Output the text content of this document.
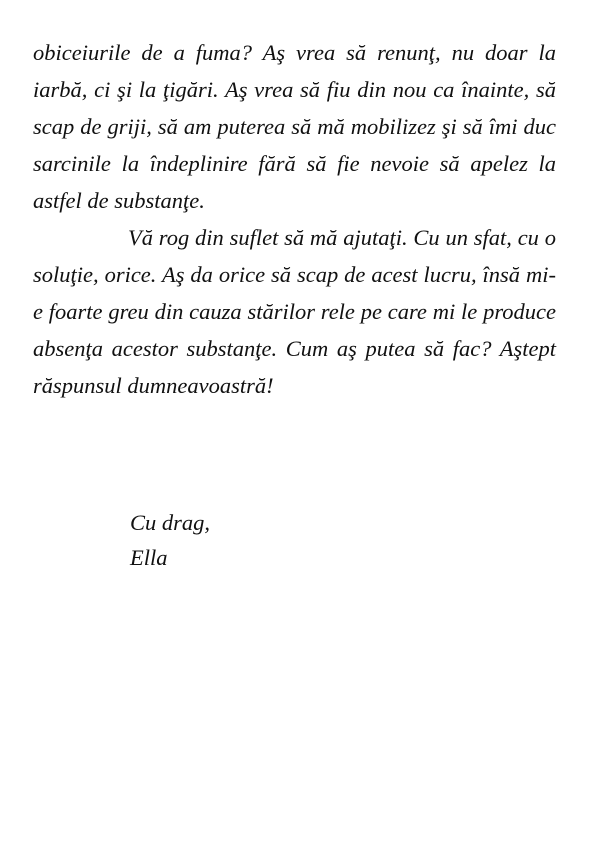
obiceiurile de a fuma? Aş vrea să renunţ, nu doar la iarbă, ci şi la ţigări. Aş vrea să fiu din nou ca înainte, să scap de griji, să am puterea să mă mobilizez şi să îmi duc sarcinile la îndeplinire fără să fie nevoie să apelez la astfel de substanţe.

Vă rog din suflet să mă ajutaţi. Cu un sfat, cu o soluţie, orice. Aş da orice să scap de acest lucru, însă mi-e foarte greu din cauza stărilor rele pe care mi le produce absenţa acestor substanţe. Cum aş putea să fac? Aştept răspunsul dumneavoastră!

Cu drag,
Ella
